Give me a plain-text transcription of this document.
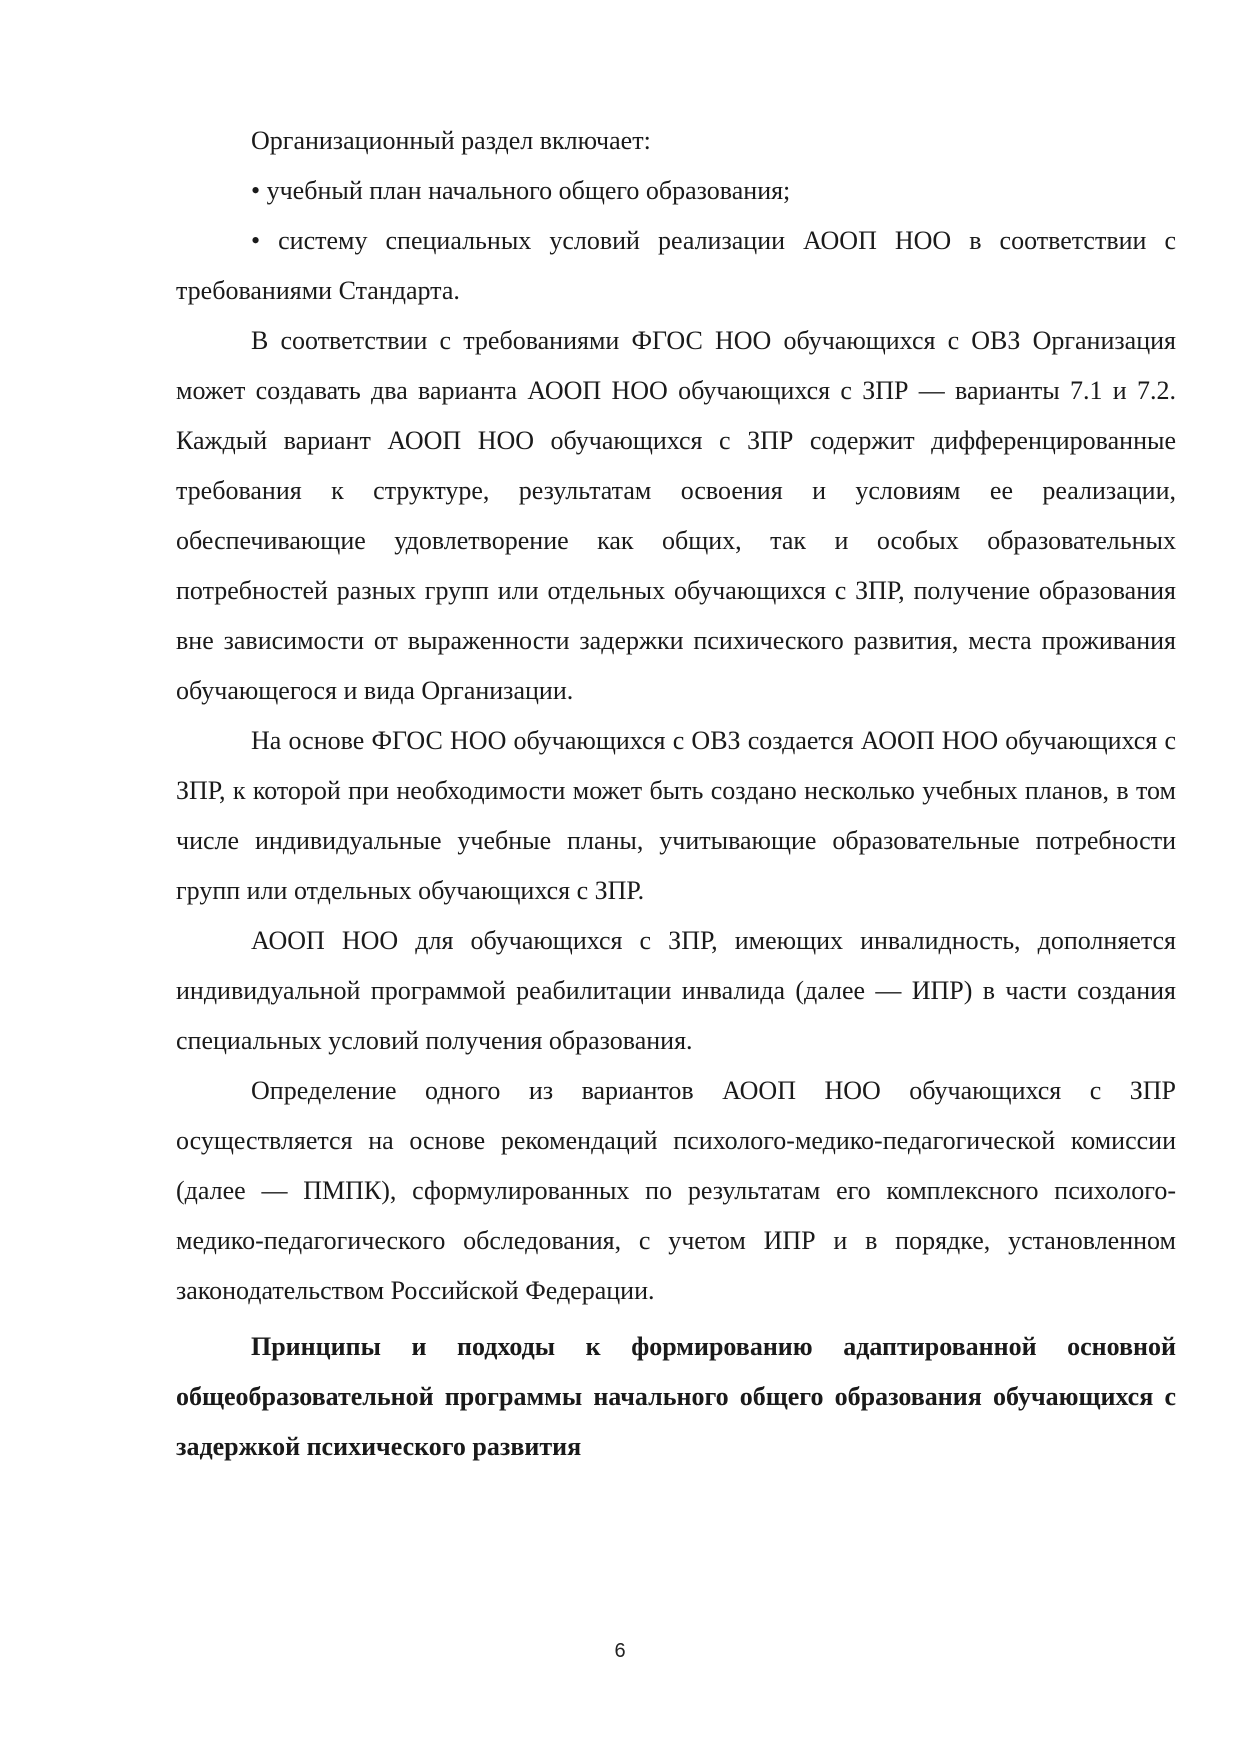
Организационный раздел включает:

• учебный план начального общего образования;

• систему специальных условий реализации АООП НОО в соответствии с требованиями Стандарта.

В соответствии с требованиями ФГОС НОО обучающихся с ОВЗ Организация может создавать два варианта АООП НОО обучающихся с ЗПР — варианты 7.1 и 7.2. Каждый вариант АООП НОО обучающихся с ЗПР содержит дифференцированные требования к структуре, результатам освоения и условиям ее реализации, обеспечивающие удовлетворение как общих, так и особых образовательных потребностей разных групп или отдельных обучающихся с ЗПР, получение образования вне зависимости от выраженности задержки психического развития, места проживания обучающегося и вида Организации.

На основе ФГОС НОО обучающихся с ОВЗ создается АООП НОО обучающихся с ЗПР, к которой при необходимости может быть создано несколько учебных планов, в том числе индивидуальные учебные планы, учитывающие образовательные потребности групп или отдельных обучающихся с ЗПР.

АООП НОО для обучающихся с ЗПР, имеющих инвалидность, дополняется индивидуальной программой реабилитации инвалида (далее — ИПР) в части создания специальных условий получения образования.

Определение одного из вариантов АООП НОО обучающихся с ЗПР осуществляется на основе рекомендаций психолого-медико-педагогической комиссии (далее — ПМПК), сформулированных по результатам его комплексного психолого-медико-педагогического обследования, с учетом ИПР и в порядке, установленном законодательством Российской Федерации.

Принципы и подходы к формированию адаптированной основной общеобразовательной программы начального общего образования обучающихся с задержкой психического развития

6
